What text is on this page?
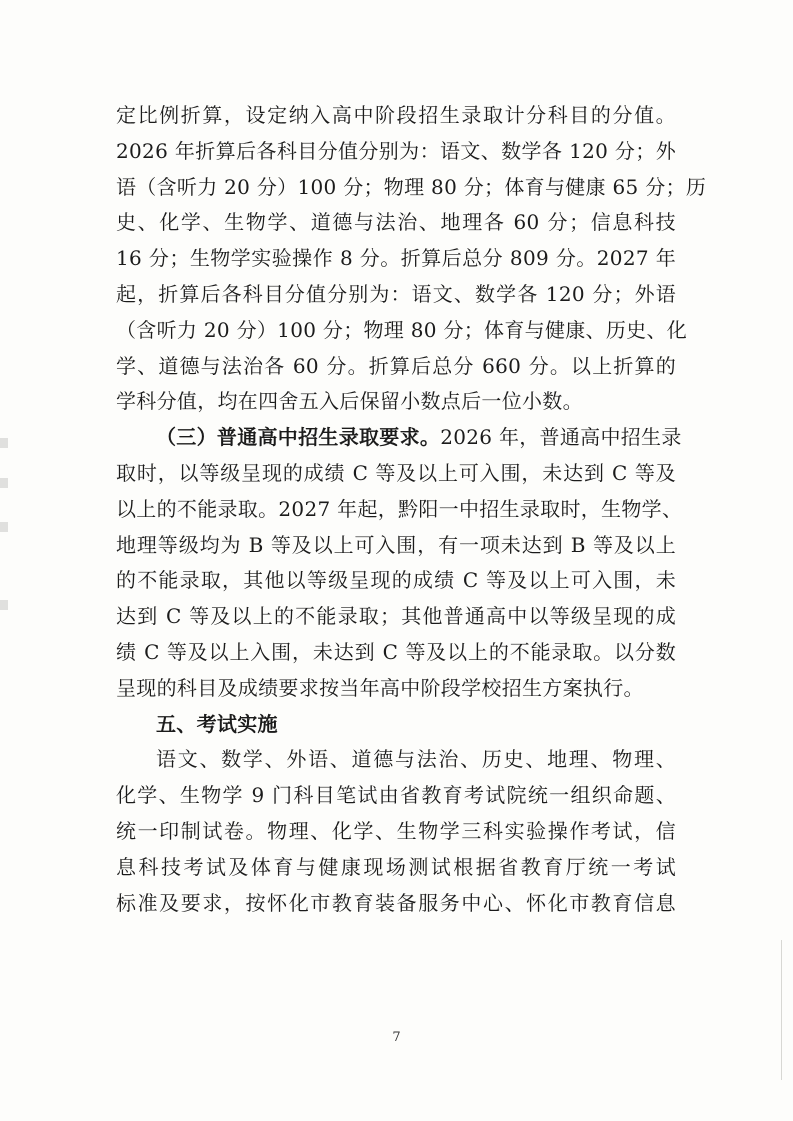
定比例折算，设定纳入高中阶段招生录取计分科目的分值。
2026 年折算后各科目分值分别为：语文、数学各 120 分；外
语（含听力 20 分）100 分；物理 80 分；体育与健康 65 分；历
史、化学、生物学、道德与法治、地理各 60 分；信息科技
16 分；生物学实验操作 8 分。折算后总分 809 分。2027 年
起，折算后各科目分值分别为：语文、数学各 120 分；外语
（含听力 20 分）100 分；物理 80 分；体育与健康、历史、化
学、道德与法治各 60 分。折算后总分 660 分。以上折算的
学科分值，均在四舍五入后保留小数点后一位小数。
（三）普通高中招生录取要求。2026 年，普通高中招生录
取时，以等级呈现的成绩 C 等及以上可入围，未达到 C 等及
以上的不能录取。2027 年起，黔阳一中招生录取时，生物学、
地理等级均为 B 等及以上可入围，有一项未达到 B 等及以上
的不能录取，其他以等级呈现的成绩 C 等及以上可入围，未
达到 C 等及以上的不能录取；其他普通高中以等级呈现的成
绩 C 等及以上入围，未达到 C 等及以上的不能录取。以分数
呈现的科目及成绩要求按当年高中阶段学校招生方案执行。
五、考试实施
语文、数学、外语、道德与法治、历史、地理、物理、
化学、生物学 9 门科目笔试由省教育考试院统一组织命题、
统一印制试卷。物理、化学、生物学三科实验操作考试，信
息科技考试及体育与健康现场测试根据省教育厅统一考试
标准及要求，按怀化市教育装备服务中心、怀化市教育信息
7
